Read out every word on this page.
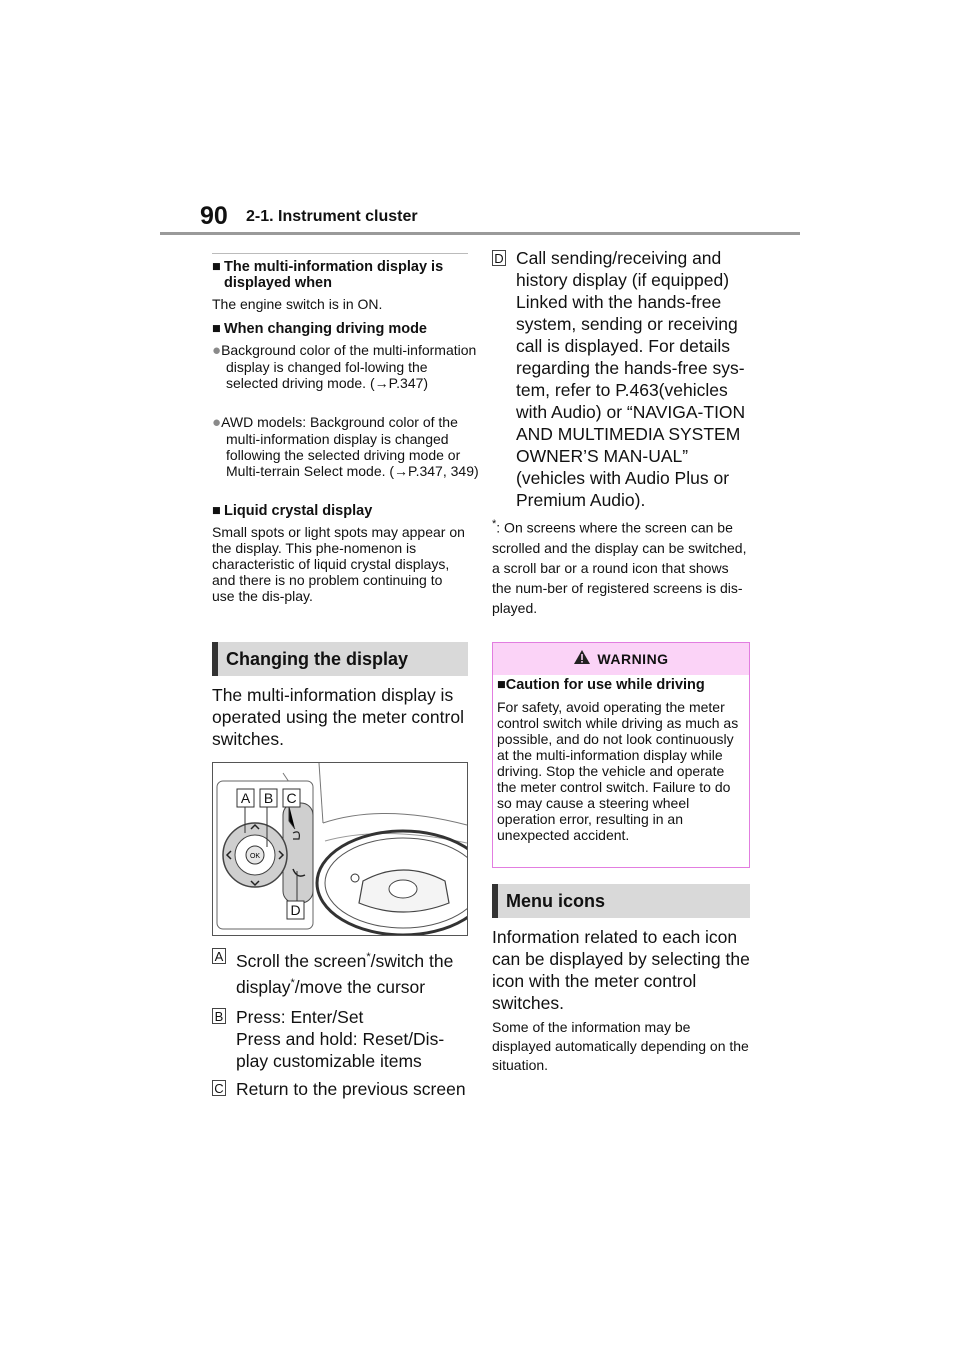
90 2-1. Instrument cluster
■ The multi-information display is displayed when
The engine switch is in ON.
■ When changing driving mode
●Background color of the multi-information display is changed fol-lowing the selected driving mode. (→P.347)
●AWD models: Background color of the multi-information display is changed following the selected driving mode or Multi-terrain Select mode. (→P.347, 349)
■ Liquid crystal display
Small spots or light spots may appear on the display. This phe-nomenon is characteristic of liquid crystal displays, and there is no problem continuing to use the dis-play.
Changing the display
The multi-information display is operated using the meter control switches.
OK
A B C
D
A Scroll the screen*/switch the display*/move the cursor
B Press: Enter/Set
Press and hold: Reset/Dis-play customizable items
C Return to the previous screen
D Call sending/receiving and history display (if equipped)
Linked with the hands-free system, sending or receiving call is displayed. For details regarding the hands-free sys-tem, refer to P.463(vehicles with Audio) or “NAVIGA-TION AND MULTIMEDIA SYSTEM OWNER’S MAN-UAL” (vehicles with Audio Plus or Premium Audio).
*: On screens where the screen can be scrolled and the display can be switched, a scroll bar or a round icon that shows the num-ber of registered screens is dis-played.
WARNING
■Caution for use while driving
For safety, avoid operating the meter control switch while driving as much as possible, and do not look continuously at the multi-information display while driving. Stop the vehicle and operate the meter control switch. Failure to do so may cause a steering wheel operation error, resulting in an unexpected accident.
Menu icons
Information related to each icon can be displayed by selecting the icon with the meter control switches.
Some of the information may be displayed automatically depending on the situation.
